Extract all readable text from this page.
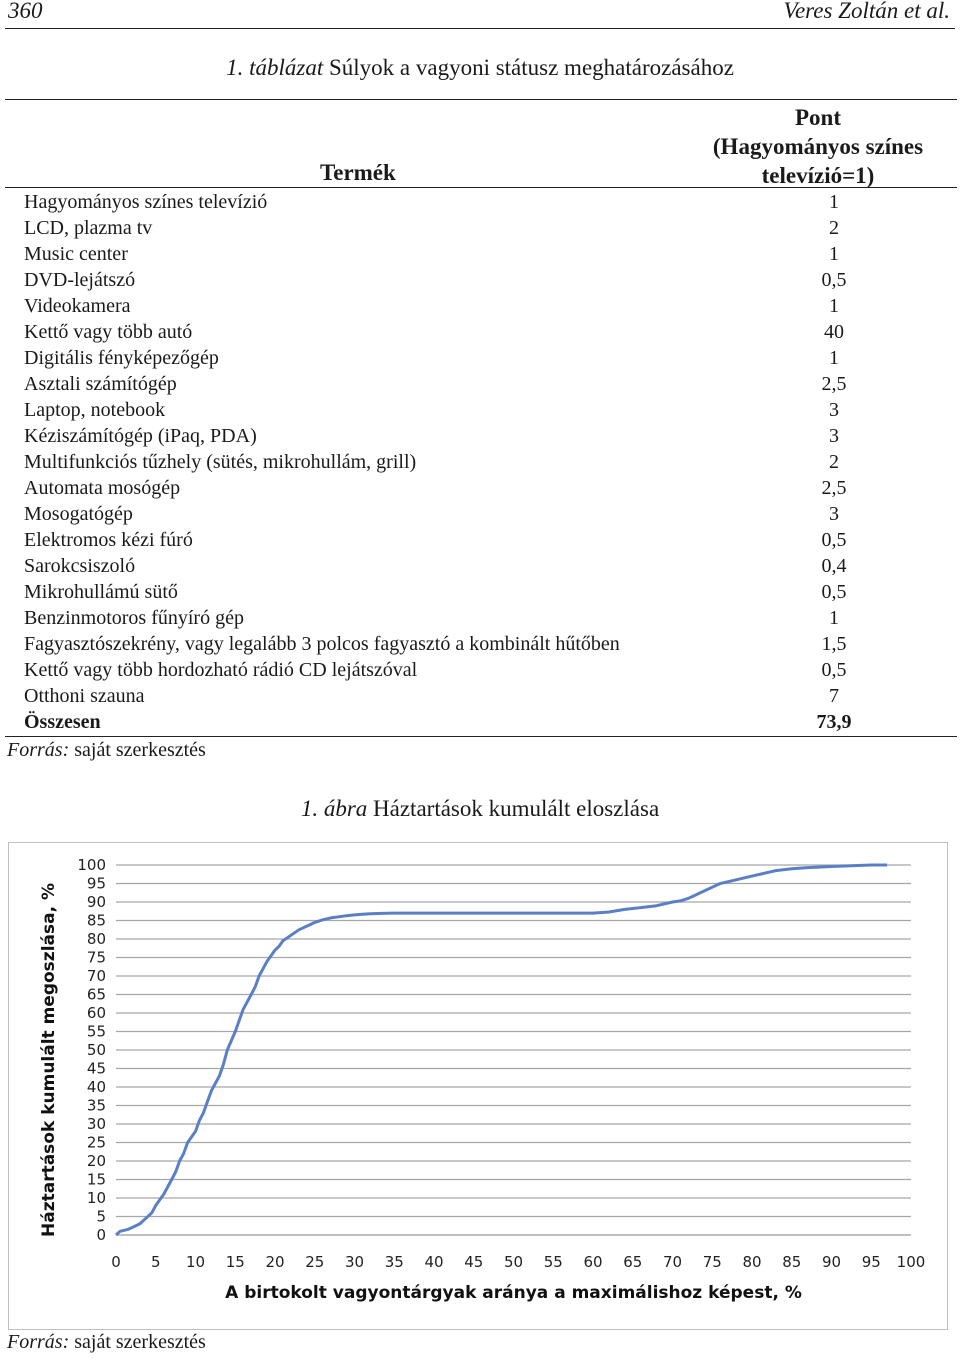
360	Veres Zoltán et al.
1. táblázat Súlyok a vagyoni státusz meghatározásához
Pont
(Hagyományos színes
televízió=1)
Termék
Hagyományos színes televízió	1
LCD, plazma tv	2
Music center	1
DVD-lejátszó	0,5
Videokamera	1
Kettő vagy több autó	40
Digitális fényképezőgép	1
Asztali számítógép	2,5
Laptop, notebook	3
Kéziszámítógép (iPaq, PDA)	3
Multifunkciós tűzhely (sütés, mikrohullám, grill)	2
Automata mosógép	2,5
Mosogatógép	3
Elektromos kézi fúró	0,5
Sarokcsiszoló	0,4
Mikrohullámú sütő	0,5
Benzinmotoros fűnyíró gép	1
Fagyasztószekrény, vagy legalább 3 polcos fagyasztó a kombinált hűtőben	1,5
Kettő vagy több hordozható rádió CD lejátszóval	0,5
Otthoni szauna	7
Összesen	73,9
Forrás: saját szerkesztés
1. ábra Háztartások kumulált eloszlása
0
5
10
15
20
25
30
35
40
45
50
55
60
65
70
75
80
85
90
95
100
0 5 10 15 20 25 30 35 40 45 50 55 60 65 70 75 80 85 90 95 100
A birtokolt vagyontárgyak aránya a maximálishoz képest, %
Háztartások kumulált megoszlása, %
Forrás: saját szerkesztés
